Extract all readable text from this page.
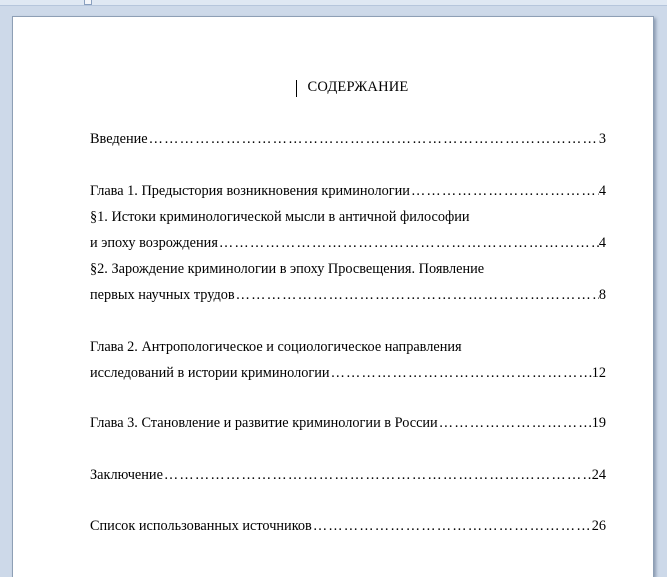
СОДЕРЖАНИЕ
Введение …………………………………………………………………………………………………………………………………………………………	3
Глава 1. Предыстория возникновения криминологии …………………………………………………………………………………………………………………………………………………………	4
§1. Истоки криминологической мысли в античной философии
и эпоху возрождения …………………………………………………………………………………………………………………………………………………………	4
§2. Зарождение криминологии в эпоху Просвещения. Появление
первых научных трудов …………………………………………………………………………………………………………………………………………………………	8
Глава 2. Антропологическое и социологическое направления
исследований в истории криминологии …………………………………………………………………………………………………………………………………………………………	12
Глава 3. Становление и развитие криминологии в России …………………………………………………………………………………………………………………………………………………………	19
Заключение …………………………………………………………………………………………………………………………………………………………	24
Список использованных источников …………………………………………………………………………………………………………………………………………………………	26
